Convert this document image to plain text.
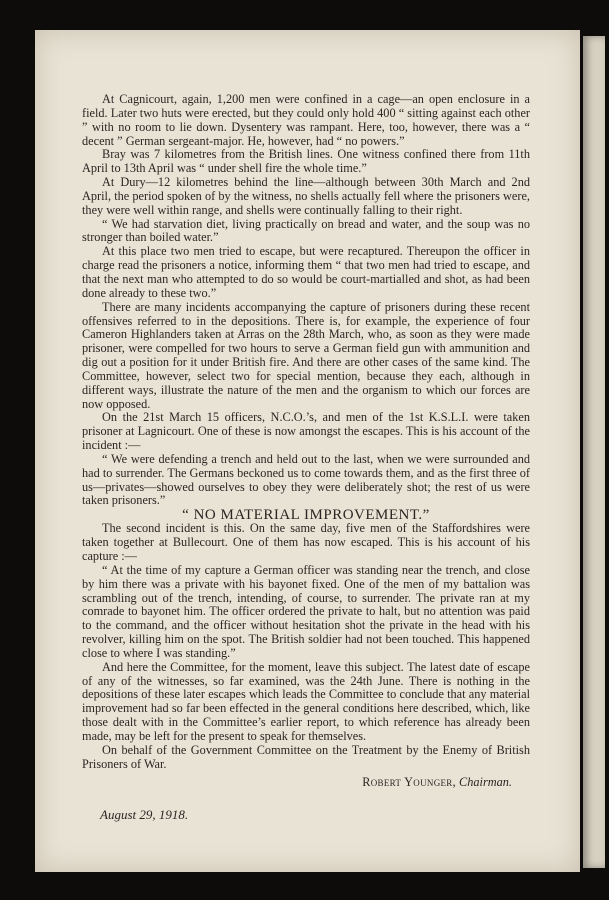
At Cagnicourt, again, 1,200 men were confined in a cage—an open enclosure in a field. Later two huts were erected, but they could only hold 400 “ sitting against each other ” with no room to lie down. Dysentery was rampant. Here, too, however, there was a “ decent ” German sergeant-major. He, however, had “ no powers.”

Bray was 7 kilometres from the British lines. One witness confined there from 11th April to 13th April was “ under shell fire the whole time.”

At Dury—12 kilometres behind the line—although between 30th March and 2nd April, the period spoken of by the witness, no shells actually fell where the prisoners were, they were well within range, and shells were continually falling to their right.

“ We had starvation diet, living practically on bread and water, and the soup was no stronger than boiled water.”

At this place two men tried to escape, but were recaptured. Thereupon the officer in charge read the prisoners a notice, informing them “ that two men had tried to escape, and that the next man who attempted to do so would be court-martialled and shot, as had been done already to these two.”

There are many incidents accompanying the capture of prisoners during these recent offensives referred to in the depositions. There is, for example, the experience of four Cameron Highlanders taken at Arras on the 28th March, who, as soon as they were made prisoner, were compelled for two hours to serve a German field gun with ammunition and dig out a position for it under British fire. And there are other cases of the same kind. The Committee, however, select two for special mention, because they each, although in different ways, illustrate the nature of the men and the organism to which our forces are now opposed.

On the 21st March 15 officers, N.C.O.’s, and men of the 1st K.S.L.I. were taken prisoner at Lagnicourt. One of these is now amongst the escapes. This is his account of the incident :—

“ We were defending a trench and held out to the last, when we were surrounded and had to surrender. The Germans beckoned us to come towards them, and as the first three of us—privates—showed ourselves to obey they were deliberately shot; the rest of us were taken prisoners.”

“ NO MATERIAL IMPROVEMENT.”

The second incident is this. On the same day, five men of the Staffordshires were taken together at Bullecourt. One of them has now escaped. This is his account of his capture :—

“ At the time of my capture a German officer was standing near the trench, and close by him there was a private with his bayonet fixed. One of the men of my battalion was scrambling out of the trench, intending, of course, to surrender. The private ran at my comrade to bayonet him. The officer ordered the private to halt, but no attention was paid to the command, and the officer without hesitation shot the private in the head with his revolver, killing him on the spot. The British soldier had not been touched. This happened close to where I was standing.”

And here the Committee, for the moment, leave this subject. The latest date of escape of any of the witnesses, so far examined, was the 24th June. There is nothing in the depositions of these later escapes which leads the Committee to conclude that any material improvement had so far been effected in the general conditions here described, which, like those dealt with in the Committee’s earlier report, to which reference has already been made, may be left for the present to speak for themselves.

On behalf of the Government Committee on the Treatment by the Enemy of British Prisoners of War.

Robert Younger, Chairman.
August 29, 1918.
